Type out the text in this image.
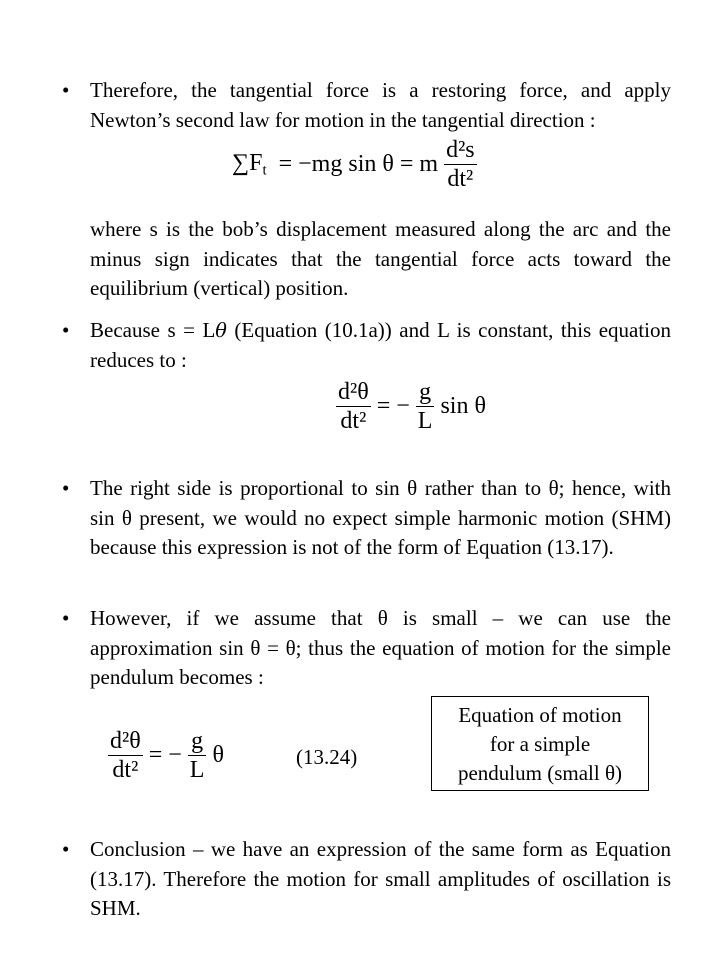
• Therefore, the tangential force is a restoring force, and apply Newton’s second law for motion in the tangential direction :

$\sum F_t = -mg$ sin θ = m $\frac{\text{d²s}}{\text{dt²}}$

where s is the bob’s displacement measured along the arc and the minus sign indicates that the tangential force acts toward the equilibrium (vertical) position.

• Because s = Lθ (Equation (10.1a)) and L is constant, this equation reduces to :

$\frac{\text{d²θ}}{\text{dt²}}$ = − $\frac{g}{L}$ sin θ
• The right side is proportional to sin θ rather than to θ; hence, with sin θ present, we would no expect simple harmonic motion (SHM) because this expression is not of the form of Equation (13.17).

• However, if we assume that θ is small – we can use the approximation sin θ = θ; thus the equation of motion for the simple pendulum becomes :

$\frac{\text{d²θ}}{\text{dt²}}$ = − $\frac{g}{L}$ θ	(13.24)
Equation of motion
for a simple
pendulum (small θ)
• Conclusion – we have an expression of the same form as Equation (13.17). Therefore the motion for small amplitudes of oscillation is SHM.
